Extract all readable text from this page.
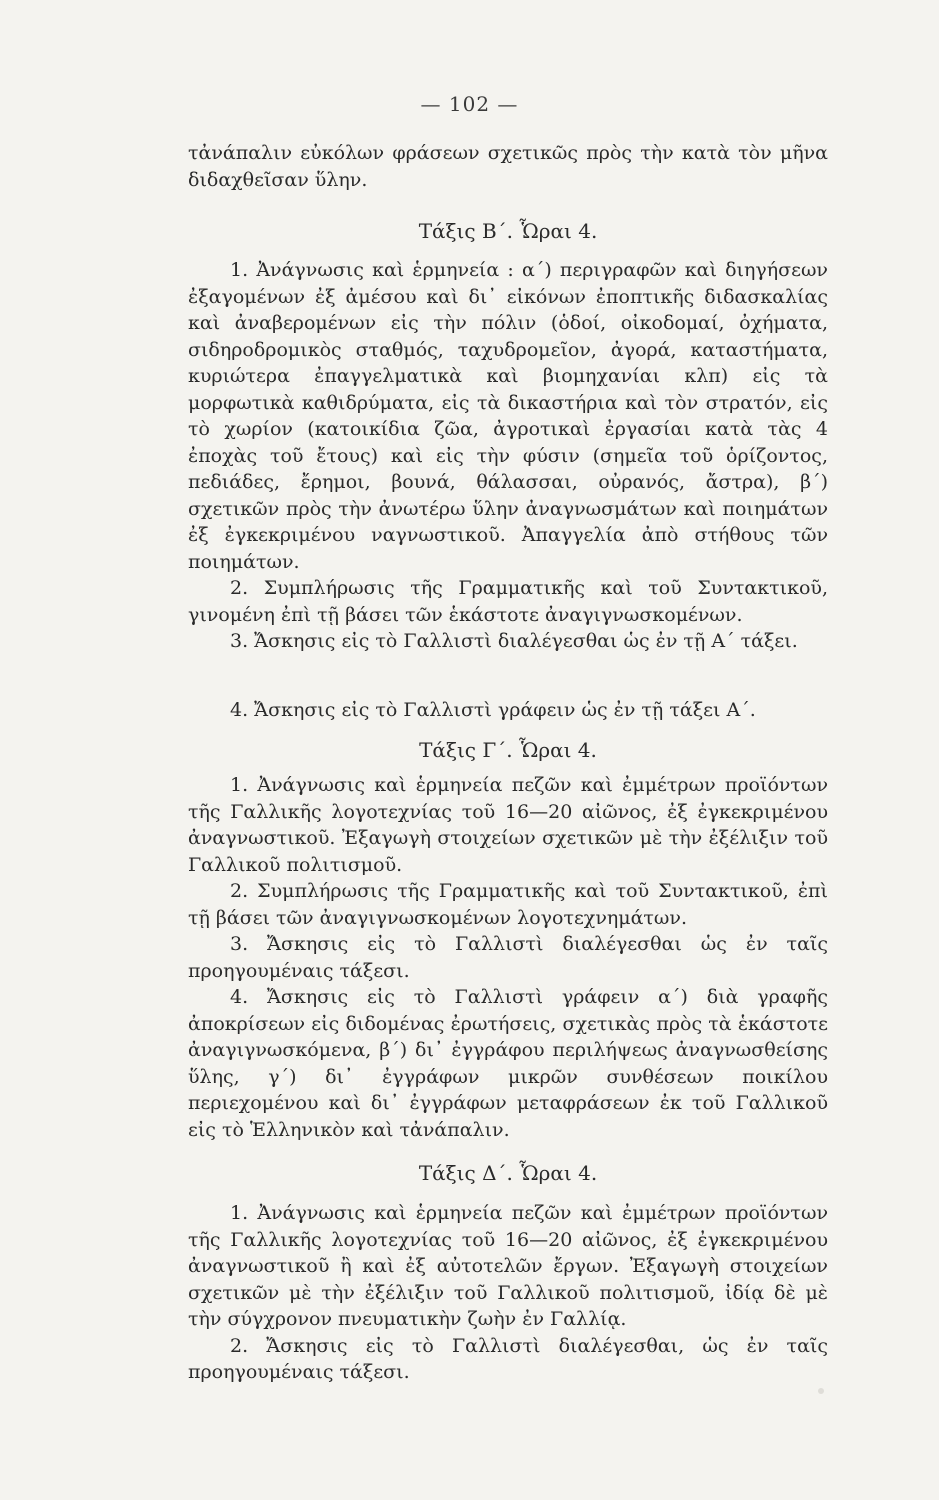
— 102 —

τἀνάπαλιν εὐκόλων φράσεων σχετικῶς πρὸς τὴν κατὰ τὸν μῆνα διδαχθεῖσαν ὕλην.

Τάξις Β΄. Ὧραι 4.

1. Ἀνάγνωσις καὶ ἑρμηνεία : α΄) περιγραφῶν καὶ διηγήσεων ἐξαγομένων ἐξ ἀμέσου καὶ δι᾽ εἰκόνων ἐποπτικῆς διδασκαλίας καὶ ἀναβερομένων εἰς τὴν πόλιν (ὁδοί, οἰκοδομαί, ὀχήματα, σιδηροδρομικὸς σταθμός, ταχυδρομεῖον, ἀγορά, καταστήματα, κυριώτερα ἐπαγγελματικὰ καὶ βιομηχανίαι κλπ) εἰς τὰ μορφωτικὰ καθιδρύματα, εἰς τὰ δικαστήρια καὶ τὸν στρατόν, εἰς τὸ χωρίον (κατοικίδια ζῶα, ἀγροτικαὶ ἐργασίαι κατὰ τὰς 4 ἐποχὰς τοῦ ἔτους) καὶ εἰς τὴν φύσιν (σημεῖα τοῦ ὁρίζοντος, πεδιάδες, ἔρημοι, βουνά, θάλασσαι, οὐρανός, ἄστρα), β΄) σχετικῶν πρὸς τὴν ἀνωτέρω ὕλην ἀναγνωσμάτων καὶ ποιημάτων ἐξ ἐγκεκριμένου ναγνωστικοῦ. Ἀπαγγελία ἀπὸ στήθους τῶν ποιημάτων.

2. Συμπλήρωσις τῆς Γραμματικῆς καὶ τοῦ Συντακτικοῦ, γινομένη ἐπὶ τῇ βάσει τῶν ἑκάστοτε ἀναγιγνωσκομένων.

3. Ἄσκησις εἰς τὸ Γαλλιστὶ διαλέγεσθαι ὡς ἐν τῇ Α΄ τάξει.

4. Ἄσκησις εἰς τὸ Γαλλιστὶ γράφειν ὡς ἐν τῇ τάξει Α΄.

Τάξις Γ΄. Ὧραι 4.

1. Ἀνάγνωσις καὶ ἑρμηνεία πεζῶν καὶ ἐμμέτρων προϊόντων τῆς Γαλλικῆς λογοτεχνίας τοῦ 16—20 αἰῶνος, ἐξ ἐγκεκριμένου ἀναγνωστικοῦ. Ἐξαγωγὴ στοιχείων σχετικῶν μὲ τὴν ἐξέλιξιν τοῦ Γαλλικοῦ πολιτισμοῦ.

2. Συμπλήρωσις τῆς Γραμματικῆς καὶ τοῦ Συντακτικοῦ, ἐπὶ τῇ βάσει τῶν ἀναγιγνωσκομένων λογοτεχνημάτων.

3. Ἄσκησις εἰς τὸ Γαλλιστὶ διαλέγεσθαι ὡς ἐν ταῖς προηγουμέναις τάξεσι.

4. Ἄσκησις εἰς τὸ Γαλλιστὶ γράφειν α΄) διὰ γραφῆς ἀποκρίσεων εἰς διδομένας ἐρωτήσεις, σχετικὰς πρὸς τὰ ἑκάστοτε ἀναγιγνωσκόμενα, β΄) δι᾽ ἐγγράφου περιλήψεως ἀναγνωσθείσης ὕλης, γ΄) δι᾽ ἐγγράφων μικρῶν συνθέσεων ποικίλου περιεχομένου καὶ δι᾽ ἐγγράφων μεταφράσεων ἐκ τοῦ Γαλλικοῦ εἰς τὸ Ἑλληνικὸν καὶ τἀνάπαλιν.

Τάξις Δ΄. Ὧραι 4.

1. Ἀνάγνωσις καὶ ἑρμηνεία πεζῶν καὶ ἐμμέτρων προϊόντων τῆς Γαλλικῆς λογοτεχνίας τοῦ 16—20 αἰῶνος, ἐξ ἐγκεκριμένου ἀναγνωστικοῦ ἢ καὶ ἐξ αὐτοτελῶν ἔργων. Ἐξαγωγὴ στοιχείων σχετικῶν μὲ τὴν ἐξέλιξιν τοῦ Γαλλικοῦ πολιτισμοῦ, ἰδίᾳ δὲ μὲ τὴν σύγχρονον πνευματικὴν ζωὴν ἐν Γαλλίᾳ.

2. Ἄσκησις εἰς τὸ Γαλλιστὶ διαλέγεσθαι, ὡς ἐν ταῖς προηγουμέναις τάξεσι.
